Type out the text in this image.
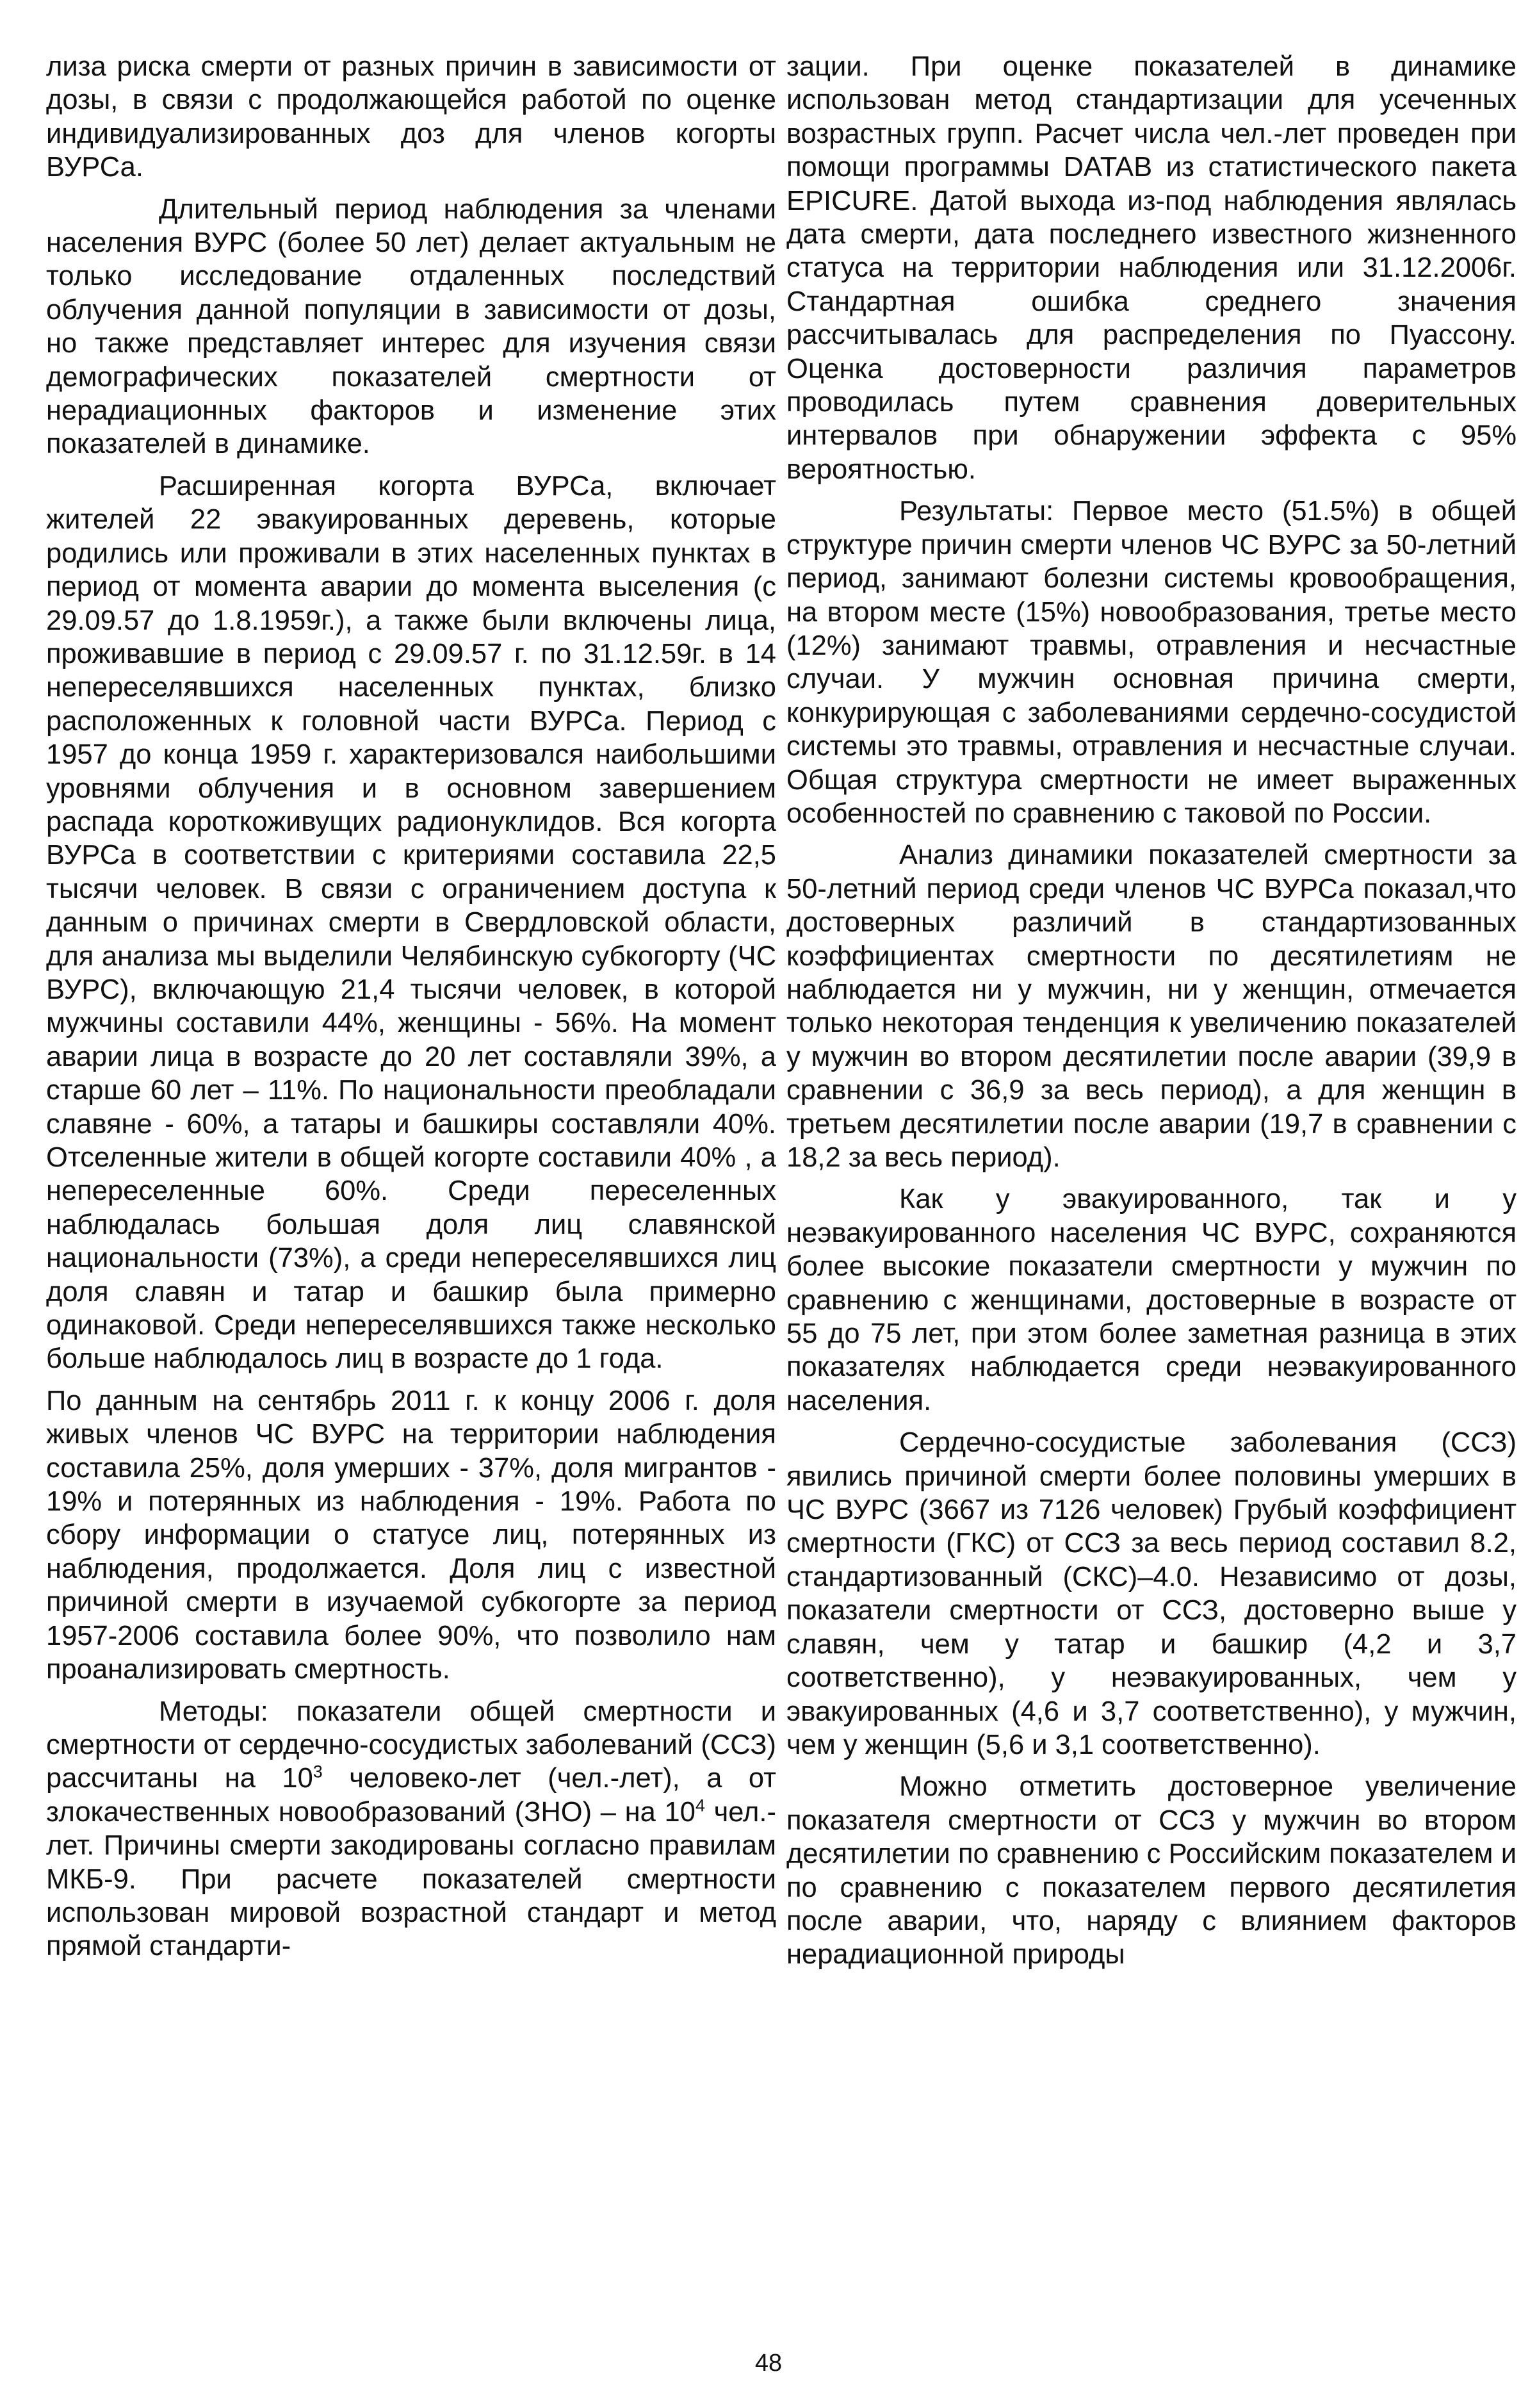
лиза риска смерти от разных причин в зависимости от дозы, в связи с продолжающейся работой по оценке индивидуализированных доз для членов когорты ВУРСа.

Длительный период наблюдения за членами населения ВУРС (более 50 лет) делает актуальным не только исследование отдаленных последствий облучения данной популяции в зависимости от дозы, но также представляет интерес для изучения связи демографических показателей смертности от нерадиационных факторов и изменение этих показателей в динамике.

Расширенная когорта ВУРСа, включает жителей 22 эвакуированных деревень, которые родились или проживали в этих населенных пунктах в период от момента аварии до момента выселения (с 29.09.57 до 1.8.1959г.), а также были включены лица, проживавшие в период с 29.09.57 г. по 31.12.59г. в 14 непереселявшихся населенных пунктах, близко расположенных к головной части ВУРСа. Период с 1957 до конца 1959 г. характеризовался наибольшими уровнями облучения и в основном завершением распада короткоживущих радионуклидов. Вся когорта ВУРСа в соответствии с критериями составила 22,5 тысячи человек. В связи с ограничением доступа к данным о причинах смерти в Свердловской области, для анализа мы выделили Челябинскую субкогорту (ЧС ВУРС), включающую 21,4 тысячи человек, в которой мужчины составили 44%, женщины - 56%. На момент аварии лица в возрасте до 20 лет составляли 39%, а старше 60 лет – 11%. По национальности преобладали славяне - 60%, а татары и башкиры составляли 40%. Отселенные жители в общей когорте составили 40% , а непереселенные 60%. Среди переселенных наблюдалась большая доля лиц славянской национальности (73%), а среди непереселявшихся лиц доля славян и татар и башкир была примерно одинаковой. Среди непереселявшихся также несколько больше наблюдалось лиц в возрасте до 1 года.

По данным на сентябрь 2011 г. к концу 2006 г. доля живых членов ЧС ВУРС на территории наблюдения составила 25%, доля умерших - 37%, доля мигрантов - 19% и потерянных из наблюдения - 19%. Работа по сбору информации о статусе лиц, потерянных из наблюдения, продолжается. Доля лиц с известной причиной смерти в изучаемой субкогорте за период 1957-2006 составила более 90%, что позволило нам проанализировать смертность.

Методы: показатели общей смертности и смертности от сердечно-сосудистых заболеваний (ССЗ) рассчитаны на $10^3$ человеко-лет (чел.-лет), а от злокачественных новообразований (ЗНО) – на $10^4$ чел.-лет. Причины смерти закодированы согласно правилам МКБ-9. При расчете показателей смертности использован мировой возрастной стандарт и метод прямой стандарти-

зации. При оценке показателей в динамике использован метод стандартизации для усеченных возрастных групп. Расчет числа чел.-лет проведен при помощи программы DATAB из статистического пакета EPICURE. Датой выхода из-под наблюдения являлась дата смерти, дата последнего известного жизненного статуса на территории наблюдения или 31.12.2006г. Стандартная ошибка среднего значения рассчитывалась для распределения по Пуассону. Оценка достоверности различия параметров проводилась путем сравнения доверительных интервалов при обнаружении эффекта с 95% вероятностью.

Результаты: Первое место (51.5%) в общей структуре причин смерти членов ЧС ВУРС за 50-летний период, занимают болезни системы кровообращения, на втором месте (15%) новообразования, третье место (12%) занимают травмы, отравления и несчастные случаи. У мужчин основная причина смерти, конкурирующая с заболеваниями сердечно-сосудистой системы это травмы, отравления и несчастные случаи. Общая структура смертности не имеет выраженных особенностей по сравнению с таковой по России.

Анализ динамики показателей смертности за 50-летний период среди членов ЧС ВУРСа показал,что достоверных различий в стандартизованных коэффициентах смертности по десятилетиям не наблюдается ни у мужчин, ни у женщин, отмечается только некоторая тенденция к увеличению показателей у мужчин во втором десятилетии после аварии (39,9 в сравнении с 36,9 за весь период), а для женщин в третьем десятилетии после аварии (19,7 в сравнении с 18,2 за весь период).

Как у эвакуированного, так и у неэвакуированного населения ЧС ВУРС, сохраняются более высокие показатели смертности у мужчин по сравнению с женщинами, достоверные в возрасте от 55 до 75 лет, при этом более заметная разница в этих показателях наблюдается среди неэвакуированного населения.

Сердечно-сосудистые заболевания (ССЗ) явились причиной смерти более половины умерших в ЧС ВУРС (3667 из 7126 человек) Грубый коэффициент смертности (ГКС) от ССЗ за весь период составил 8.2, стандартизованный (СКС)–4.0. Независимо от дозы, показатели смертности от ССЗ, достоверно выше у славян, чем у татар и башкир (4,2 и 3,7 соответственно), у неэвакуированных, чем у эвакуированных (4,6 и 3,7 соответственно), у мужчин, чем у женщин (5,6 и 3,1 соответственно).

Можно отметить достоверное увеличение показателя смертности от ССЗ у мужчин во втором десятилетии по сравнению с Российским показателем и по сравнению с показателем первого десятилетия после аварии, что, наряду с влиянием факторов нерадиационной природы

48
